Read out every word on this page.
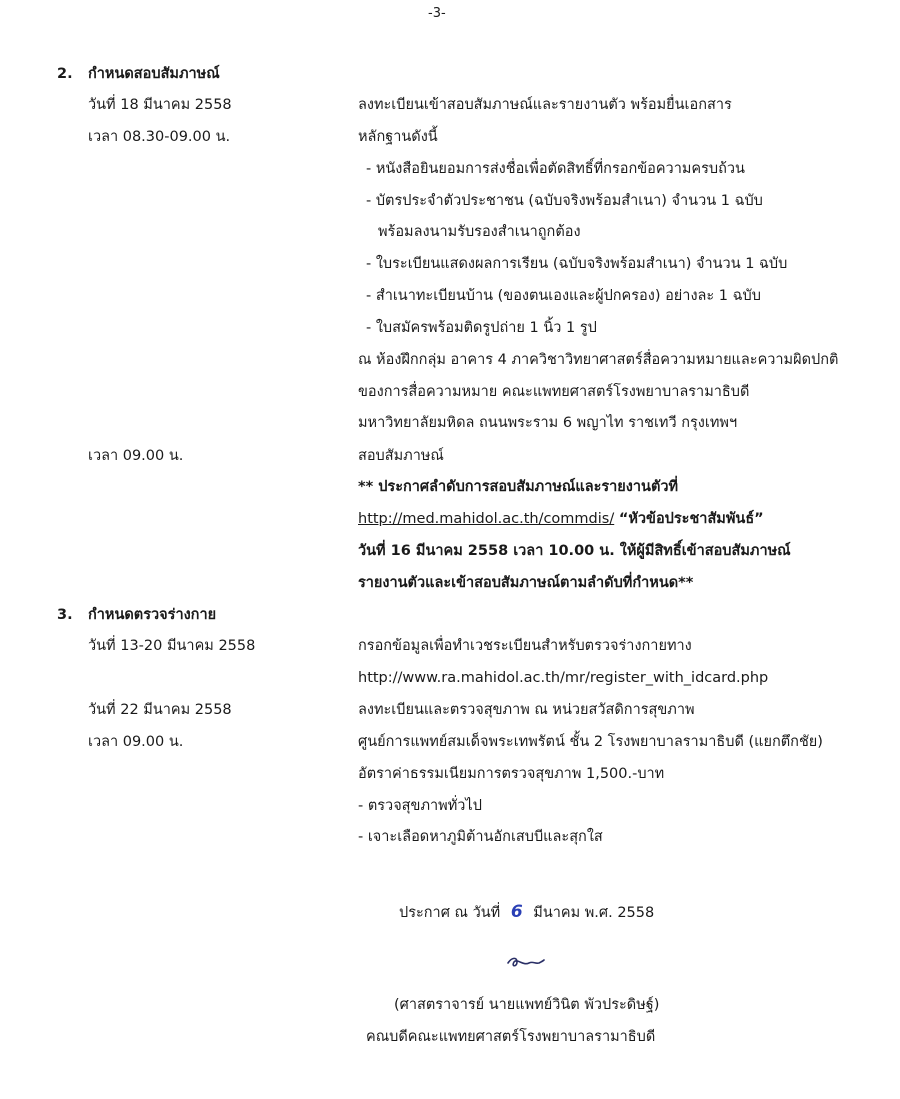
-3-
2. กำหนดสอบสัมภาษณ์
วันที่ 18 มีนาคม 2558
เวลา 08.30-09.00 น.
ลงทะเบียนเข้าสอบสัมภาษณ์และรายงานตัว พร้อมยื่นเอกสาร
หลักฐานดังนี้
- หนังสือยินยอมการส่งชื่อเพื่อตัดสิทธิ์ที่กรอกข้อความครบถ้วน
- บัตรประจำตัวประชาชน (ฉบับจริงพร้อมสำเนา) จำนวน 1 ฉบับ
พร้อมลงนามรับรองสำเนาถูกต้อง
- ใบระเบียนแสดงผลการเรียน (ฉบับจริงพร้อมสำเนา) จำนวน 1 ฉบับ
- สำเนาทะเบียนบ้าน (ของตนเองและผู้ปกครอง) อย่างละ 1 ฉบับ
- ใบสมัครพร้อมติดรูปถ่าย 1 นิ้ว 1 รูป
ณ ห้องฝึกกลุ่ม อาคาร 4 ภาควิชาวิทยาศาสตร์สื่อความหมายและความผิดปกติ
ของการสื่อความหมาย คณะแพทยศาสตร์โรงพยาบาลรามาธิบดี
มหาวิทยาลัยมหิดล ถนนพระราม 6 พญาไท ราชเทวี กรุงเทพฯ
เวลา 09.00 น.	สอบสัมภาษณ์
** ประกาศลำดับการสอบสัมภาษณ์และรายงานตัวที่
http://med.mahidol.ac.th/commdis/ “หัวข้อประชาสัมพันธ์”
วันที่ 16 มีนาคม 2558 เวลา 10.00 น. ให้ผู้มีสิทธิ์เข้าสอบสัมภาษณ์
รายงานตัวและเข้าสอบสัมภาษณ์ตามลำดับที่กำหนด**
3. กำหนดตรวจร่างกาย
วันที่ 13-20 มีนาคม 2558	กรอกข้อมูลเพื่อทำเวชระเบียนสำหรับตรวจร่างกายทาง
http://www.ra.mahidol.ac.th/mr/register_with_idcard.php
วันที่ 22 มีนาคม 2558
เวลา 09.00 น.
ลงทะเบียนและตรวจสุขภาพ ณ หน่วยสวัสดิการสุขภาพ
ศูนย์การแพทย์สมเด็จพระเทพรัตน์ ชั้น 2 โรงพยาบาลรามาธิบดี (แยกตึกชัย)
อัตราค่าธรรมเนียมการตรวจสุขภาพ 1,500.-บาท
- ตรวจสุขภาพทั่วไป
- เจาะเลือดหาภูมิต้านอักเสบบีและสุกใส
ประกาศ ณ วันที่ 6 มีนาคม พ.ศ. 2558
(ศาสตราจารย์ นายแพทย์วินิต พัวประดิษฐ์)
คณบดีคณะแพทยศาสตร์โรงพยาบาลรามาธิบดี
